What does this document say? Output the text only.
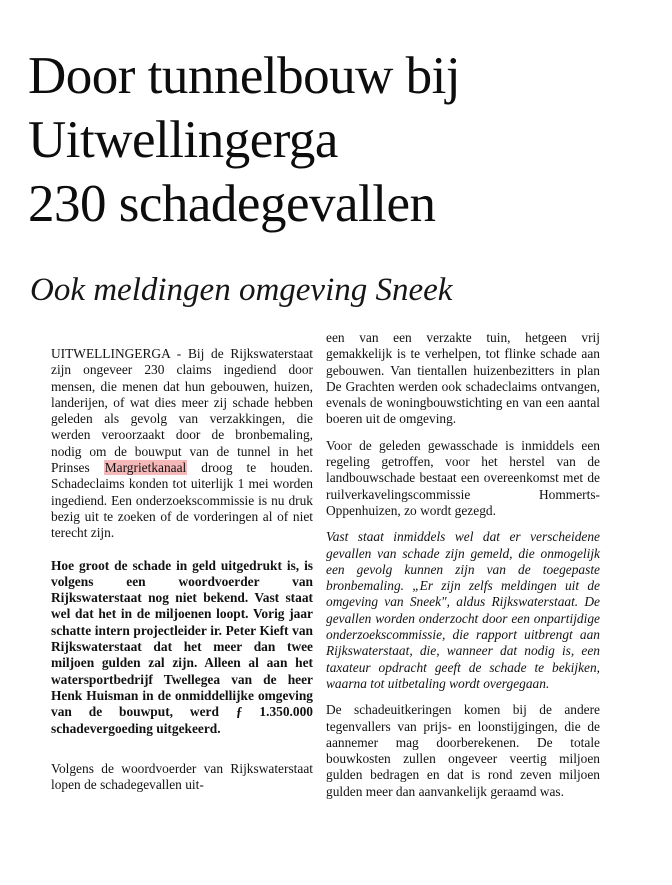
Door tunnelbouw bij
Uitwellingerga
230 schadegevallen
Ook meldingen omgeving Sneek

UITWELLINGERGA - Bij de Rijkswaterstaat zijn ongeveer 230 claims ingediend door mensen, die menen dat hun gebouwen, huizen, landerijen, of wat dies meer zij schade hebben geleden als gevolg van verzakkingen, die werden veroorzaakt door de bronbemaling, nodig om de bouwput van de tunnel in het Prinses Margrietkanaal droog te houden. Schadeclaims konden tot uiterlijk 1 mei worden ingediend. Een onderzoekscommissie is nu druk bezig uit te zoeken of de vorderingen al of niet terecht zijn.

Hoe groot de schade in geld uitgedrukt is, is volgens een woordvoerder van Rijkswaterstaat nog niet bekend. Vast staat wel dat het in de miljoenen loopt. Vorig jaar schatte intern projectleider ir. Peter Kieft van Rijkswaterstaat dat het meer dan twee miljoen gulden zal zijn. Alleen al aan het watersportbedrijf Twellegea van de heer Henk Huisman in de onmiddellijke omgeving van de bouwput, werd ƒ 1.350.000 schadevergoeding uitgekeerd.

Volgens de woordvoerder van Rijkswaterstaat lopen de schadegevallen uit-

een van een verzakte tuin, hetgeen vrij gemakkelijk is te verhelpen, tot flinke schade aan gebouwen. Van tientallen huizenbezitters in plan De Grachten werden ook schadeclaims ontvangen, evenals de woningbouwstichting en van een aantal boeren uit de omgeving.

Voor de geleden gewasschade is inmiddels een regeling getroffen, voor het herstel van de landbouwschade bestaat een overeenkomst met de ruilverkavelingscommissie Hommerts-Oppenhuizen, zo wordt gezegd.

Vast staat inmiddels wel dat er verscheidene gevallen van schade zijn gemeld, die onmogelijk een gevolg kunnen zijn van de toegepaste bronbemaling. „Er zijn zelfs meldingen uit de omgeving van Sneek", aldus Rijkswaterstaat. De gevallen worden onderzocht door een onpartijdige onderzoekscommissie, die rapport uitbrengt aan Rijkswaterstaat, die, wanneer dat nodig is, een taxateur opdracht geeft de schade te bekijken, waarna tot uitbetaling wordt overgegaan.

De schadeuitkeringen komen bij de andere tegenvallers van prijs- en loonstijgingen, die de aannemer mag doorberekenen. De totale bouwkosten zullen ongeveer veertig miljoen gulden bedragen en dat is rond zeven miljoen gulden meer dan aanvankelijk geraamd was.
